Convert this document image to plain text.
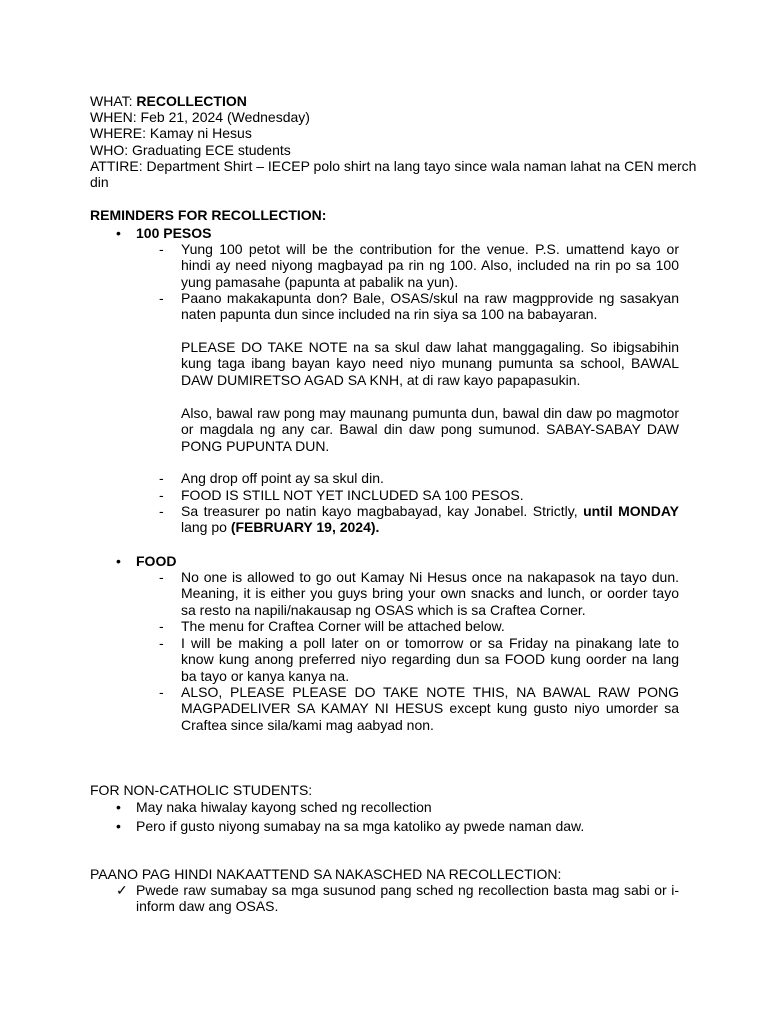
WHAT: RECOLLECTION
WHEN: Feb 21, 2024 (Wednesday)
WHERE: Kamay ni Hesus
WHO: Graduating ECE students
ATTIRE: Department Shirt – IECEP polo shirt na lang tayo since wala naman lahat na CEN merch
din
REMINDERS FOR RECOLLECTION:
• 100 PESOS
- Yung 100 petot will be the contribution for the venue. P.S. umattend kayo or hindi ay need niyong magbayad pa rin ng 100. Also, included na rin po sa 100 yung pamasahe (papunta at pabalik na yun).
- Paano makakapunta don? Bale, OSAS/skul na raw magpprovide ng sasakyan naten papunta dun since included na rin siya sa 100 na babayaran.
PLEASE DO TAKE NOTE na sa skul daw lahat manggagaling. So ibigsabihin kung taga ibang bayan kayo need niyo munang pumunta sa school, BAWAL DAW DUMIRETSO AGAD SA KNH, at di raw kayo papapasukin.
Also, bawal raw pong may maunang pumunta dun, bawal din daw po magmotor or magdala ng any car. Bawal din daw pong sumunod. SABAY-SABAY DAW PONG PUPUNTA DUN.
- Ang drop off point ay sa skul din.
- FOOD IS STILL NOT YET INCLUDED SA 100 PESOS.
- Sa treasurer po natin kayo magbabayad, kay Jonabel. Strictly, until MONDAY lang po (FEBRUARY 19, 2024).
• FOOD
- No one is allowed to go out Kamay Ni Hesus once na nakapasok na tayo dun. Meaning, it is either you guys bring your own snacks and lunch, or oorder tayo sa resto na napili/nakausap ng OSAS which is sa Craftea Corner.
- The menu for Craftea Corner will be attached below.
- I will be making a poll later on or tomorrow or sa Friday na pinakang late to know kung anong preferred niyo regarding dun sa FOOD kung oorder na lang ba tayo or kanya kanya na.
- ALSO, PLEASE PLEASE DO TAKE NOTE THIS, NA BAWAL RAW PONG MAGPADELIVER SA KAMAY NI HESUS except kung gusto niyo umorder sa Craftea since sila/kami mag aabyad non.
FOR NON-CATHOLIC STUDENTS:
• May naka hiwalay kayong sched ng recollection
• Pero if gusto niyong sumabay na sa mga katoliko ay pwede naman daw.
PAANO PAG HINDI NAKAATTEND SA NAKASCHED NA RECOLLECTION:
✓ Pwede raw sumabay sa mga susunod pang sched ng recollection basta mag sabi or i-inform daw ang OSAS.
